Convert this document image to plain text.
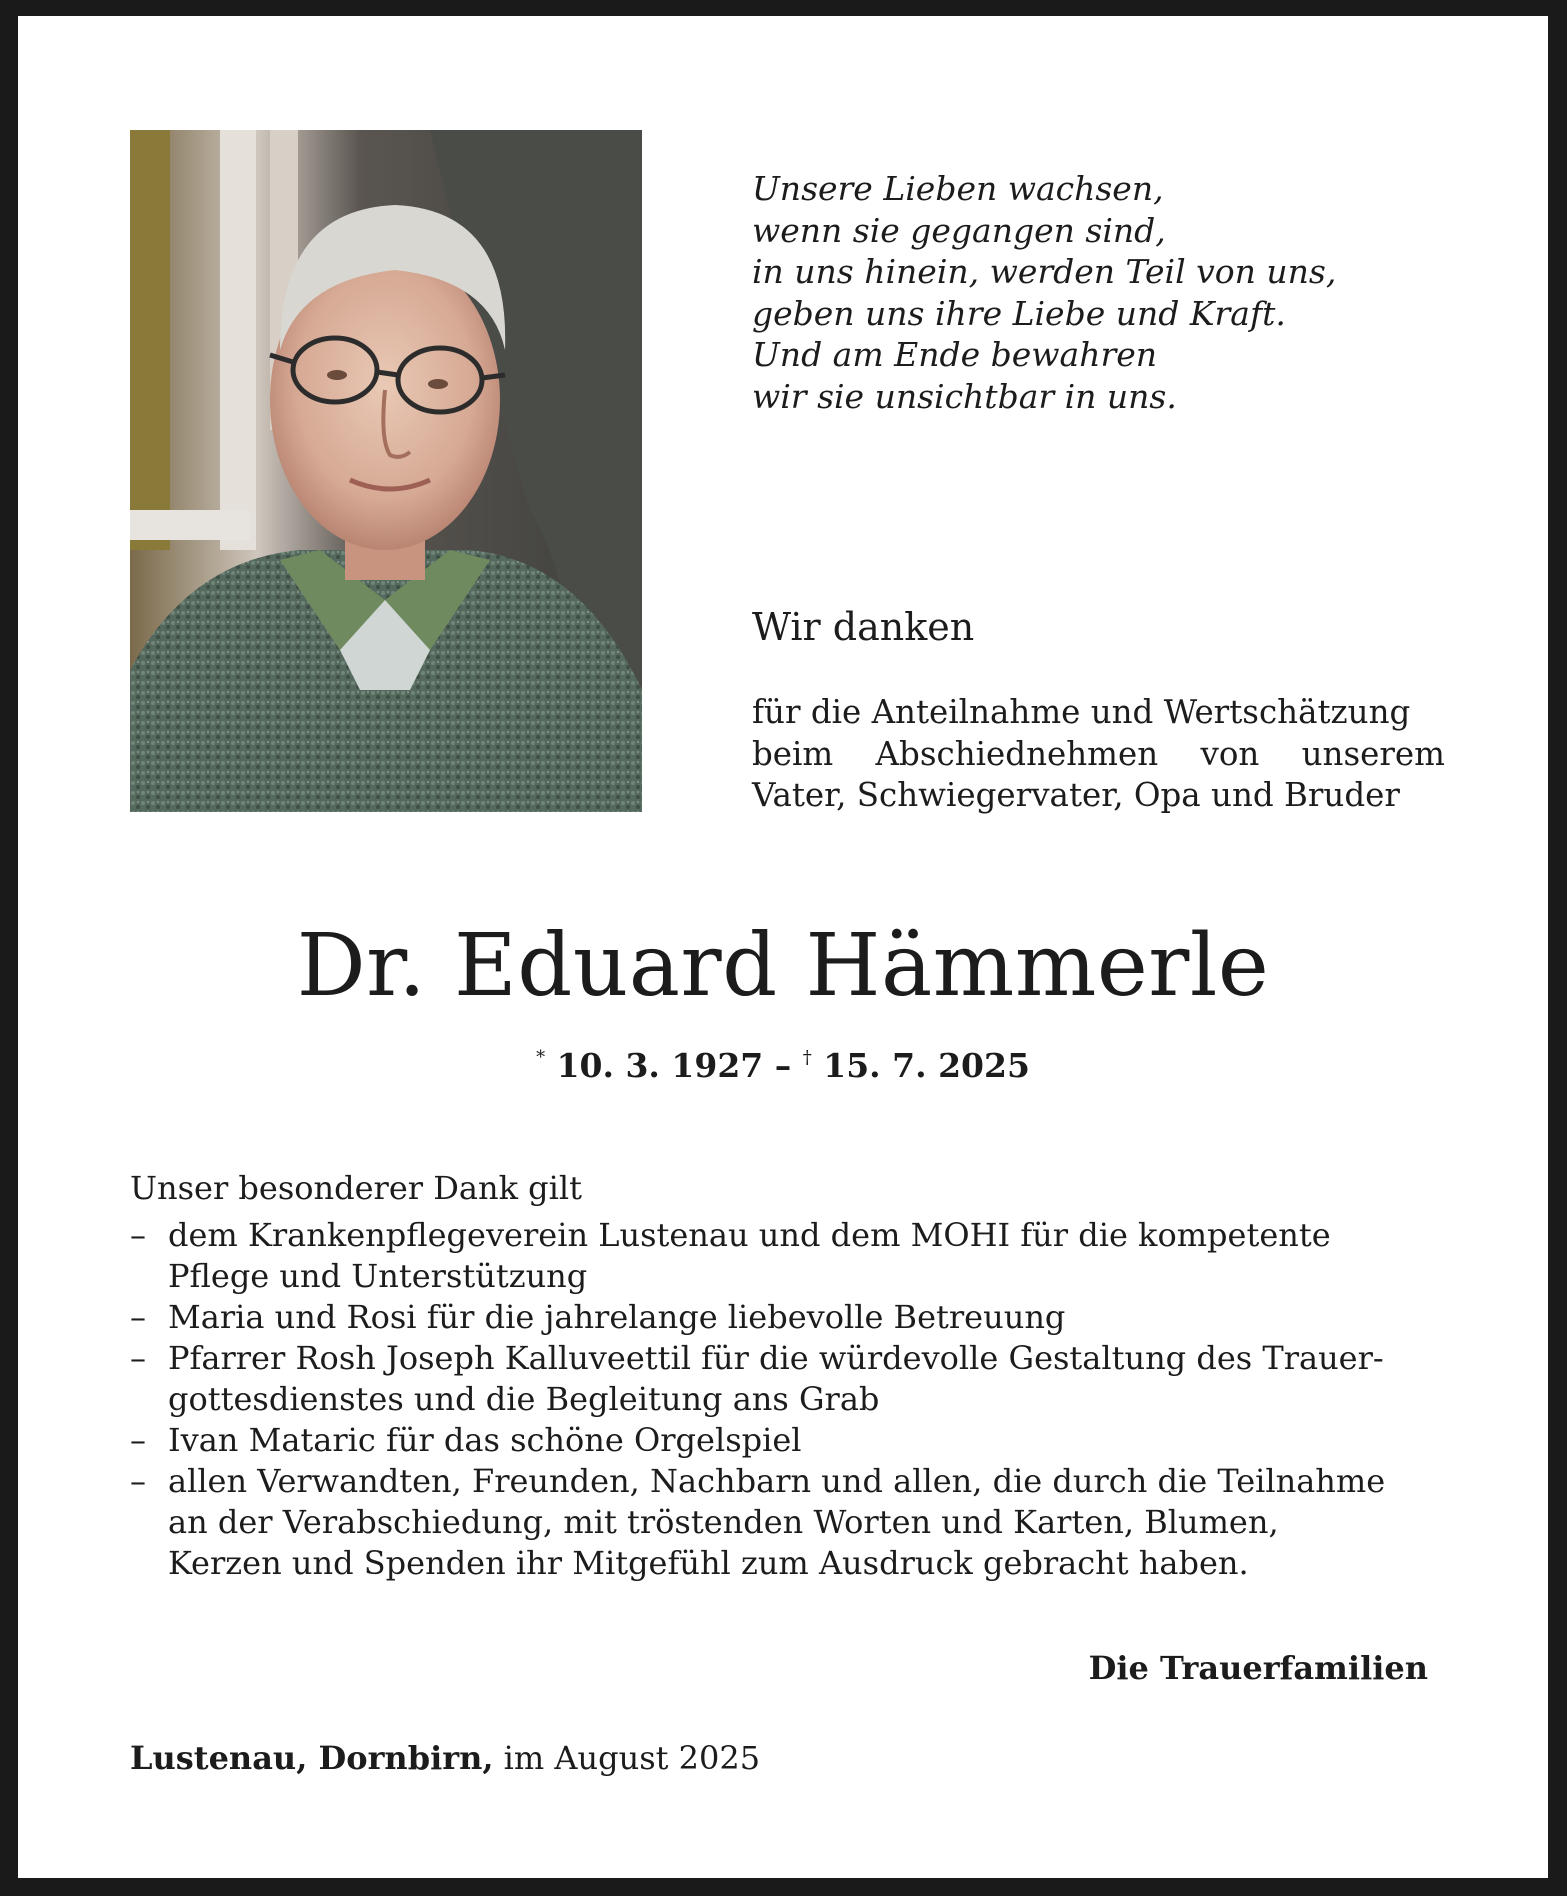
Unsere Lieben wachsen,
wenn sie gegangen sind,
in uns hinein, werden Teil von uns,
geben uns ihre Liebe und Kraft.
Und am Ende bewahren
wir sie unsichtbar in uns.
Wir danken
für die Anteilnahme und Wertschätzung
beim Abschiednehmen von unserem
Vater, Schwiegervater, Opa und Bruder
Dr. Eduard Hämmerle
* 10. 3. 1927 – † 15. 7. 2025
Unser besonderer Dank gilt
– dem Krankenpflegeverein Lustenau und dem MOHI für die kompetente
Pflege und Unterstützung
– Maria und Rosi für die jahrelange liebevolle Betreuung
– Pfarrer Rosh Joseph Kalluveettil für die würdevolle Gestaltung des Trauer-
gottesdienstes und die Begleitung ans Grab
– Ivan Mataric für das schöne Orgelspiel
– allen Verwandten, Freunden, Nachbarn und allen, die durch die Teilnahme
an der Verabschiedung, mit tröstenden Worten und Karten, Blumen,
Kerzen und Spenden ihr Mitgefühl zum Ausdruck gebracht haben.
Die Trauerfamilien
Lustenau, Dornbirn, im August 2025
